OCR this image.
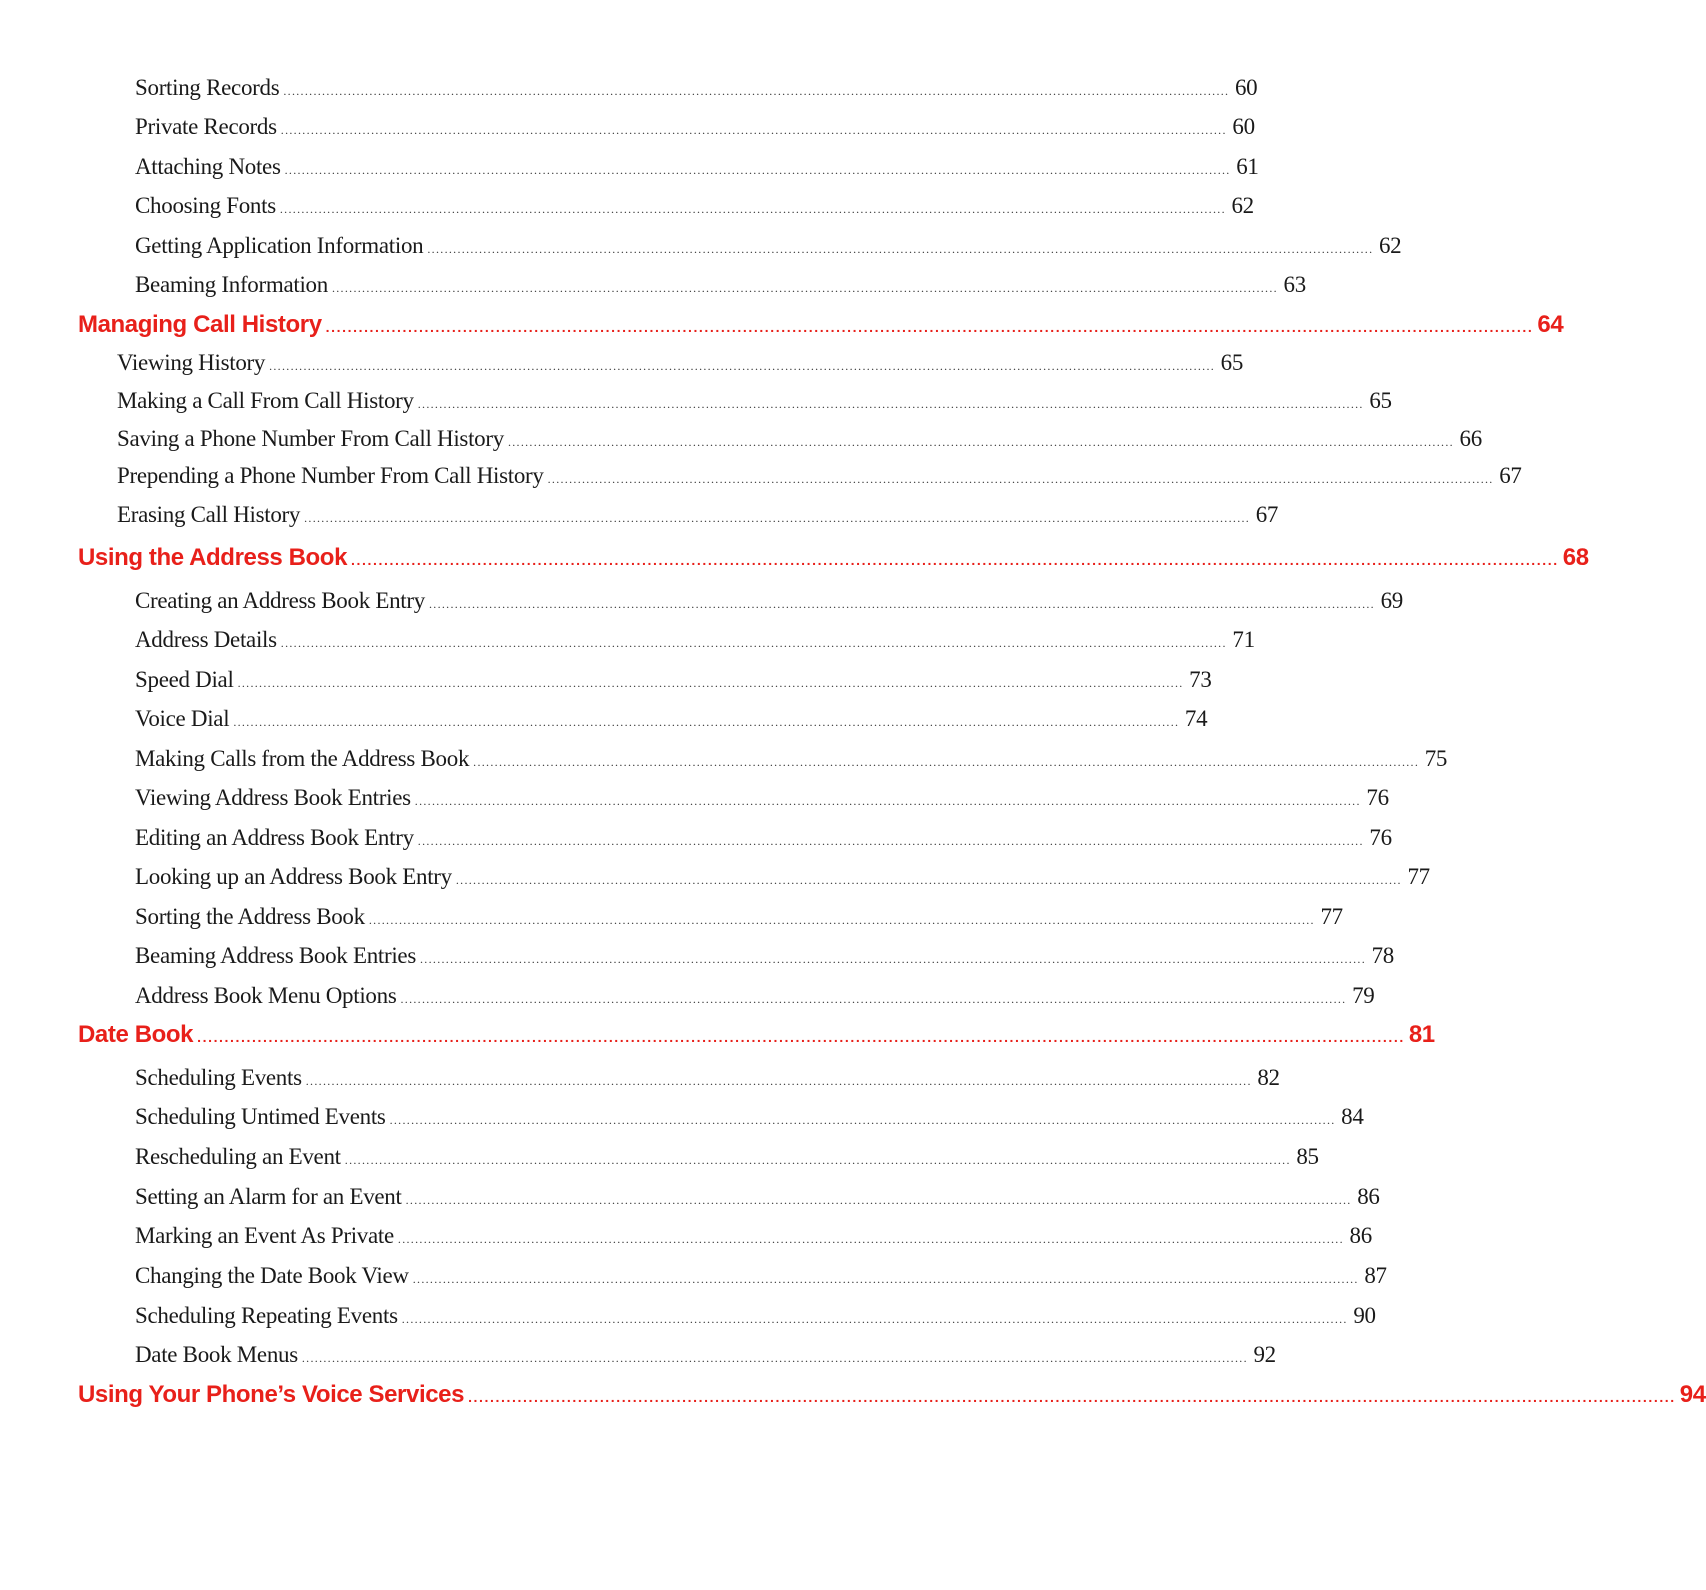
Sorting Records ............................................................................................................................................................................................................................ 60
Private Records ............................................................................................................................................................................................................................ 60
Attaching Notes ............................................................................................................................................................................................................................ 61
Choosing Fonts ............................................................................................................................................................................................................................ 62
Getting Application Information ............................................................................................................................................................................................................................ 62
Beaming Information ............................................................................................................................................................................................................................ 63
Managing Call History ............................................................................................................................................................................................................................ 64
Viewing History ............................................................................................................................................................................................................................ 65
Making a Call From Call History ............................................................................................................................................................................................................................ 65
Saving a Phone Number From Call History ............................................................................................................................................................................................................................ 66
Prepending a Phone Number From Call History ............................................................................................................................................................................................................................ 67
Erasing Call History ............................................................................................................................................................................................................................ 67
Using the Address Book ............................................................................................................................................................................................................................ 68
Creating an Address Book Entry ............................................................................................................................................................................................................................ 69
Address Details ............................................................................................................................................................................................................................ 71
Speed Dial ............................................................................................................................................................................................................................ 73
Voice Dial ............................................................................................................................................................................................................................ 74
Making Calls from the Address Book ............................................................................................................................................................................................................................ 75
Viewing Address Book Entries ............................................................................................................................................................................................................................ 76
Editing an Address Book Entry ............................................................................................................................................................................................................................ 76
Looking up an Address Book Entry ............................................................................................................................................................................................................................ 77
Sorting the Address Book ............................................................................................................................................................................................................................ 77
Beaming Address Book Entries ............................................................................................................................................................................................................................ 78
Address Book Menu Options ............................................................................................................................................................................................................................ 79
Date Book ............................................................................................................................................................................................................................ 81
Scheduling Events ............................................................................................................................................................................................................................ 82
Scheduling Untimed Events ............................................................................................................................................................................................................................ 84
Rescheduling an Event ............................................................................................................................................................................................................................ 85
Setting an Alarm for an Event ............................................................................................................................................................................................................................ 86
Marking an Event As Private ............................................................................................................................................................................................................................ 86
Changing the Date Book View ............................................................................................................................................................................................................................ 87
Scheduling Repeating Events ............................................................................................................................................................................................................................ 90
Date Book Menus ............................................................................................................................................................................................................................ 92
Using Your Phone’s Voice Services ............................................................................................................................................................................................................................ 94
